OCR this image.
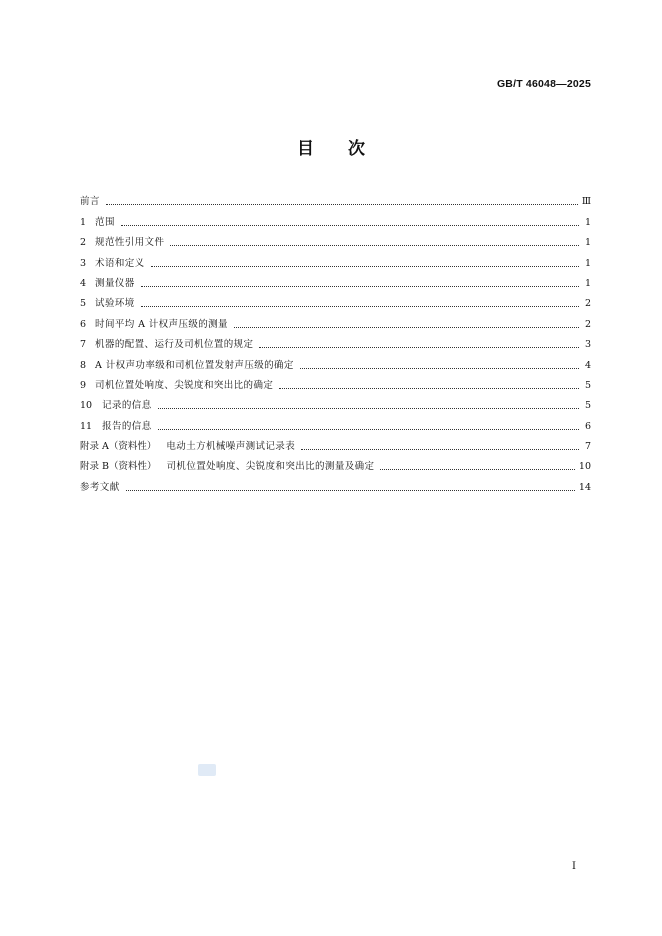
GB/T 46048—2025
目次
前言	Ⅲ
1 范围	1
2 规范性引用文件	1
3 术语和定义	1
4 测量仪器	1
5 试验环境	2
6 时间平均 A 计权声压级的测量	2
7 机器的配置、运行及司机位置的规定	3
8 A 计权声功率级和司机位置发射声压级的确定	4
9 司机位置处响度、尖锐度和突出比的确定	5
10	记录的信息	5
11	报告的信息	6
附录 A（资料性）	电动土方机械噪声测试记录表	7
附录 B（资料性）	司机位置处响度、尖锐度和突出比的测量及确定	10
参考文献	14
Ⅰ
